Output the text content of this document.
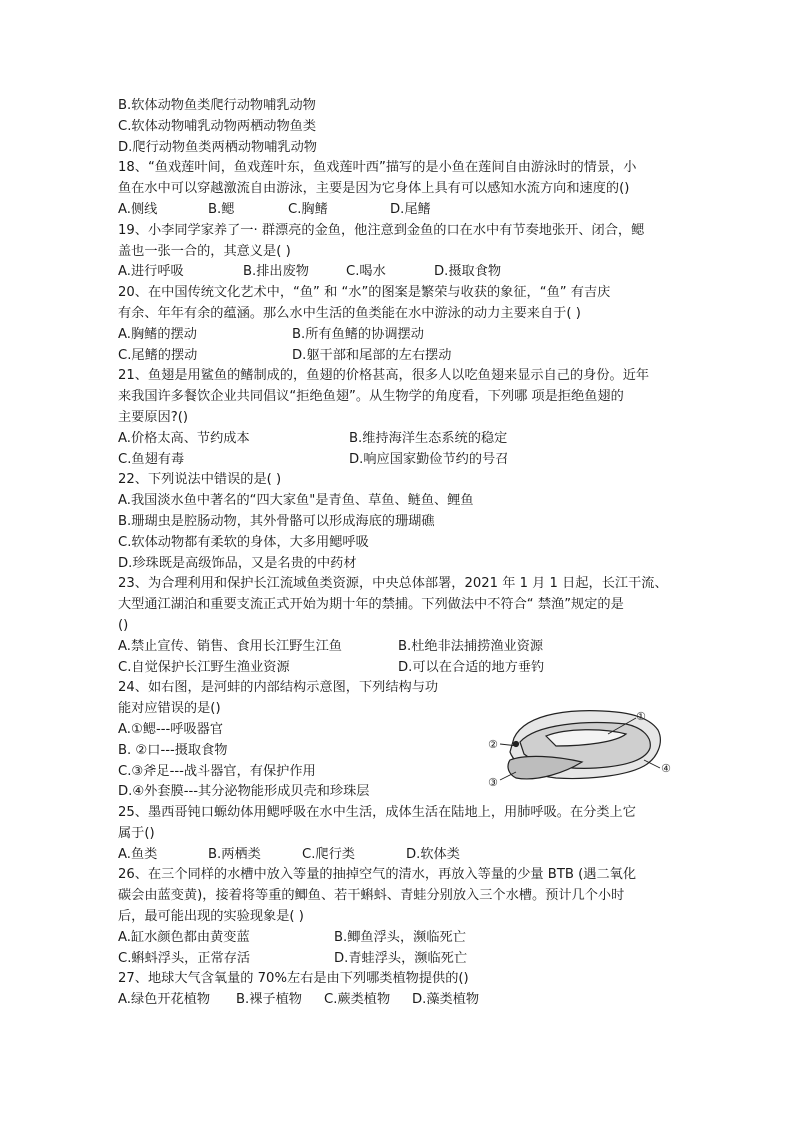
B.软体动物鱼类爬行动物哺乳动物
C.软体动物哺乳动物两栖动物鱼类
D.爬行动物鱼类两栖动物哺乳动物
18、“鱼戏莲叶间，鱼戏莲叶东，鱼戏莲叶西”描写的是小鱼在莲间自由游泳时的情景，小
鱼在水中可以穿越激流自由游泳，主要是因为它身体上具有可以感知水流方向和速度的()
A.侧线	B.鳃	C.胸鳍	D.尾鳍
19、小李同学家养了一· 群漂亮的金鱼，他注意到金鱼的口在水中有节奏地张开、闭合，鳃
盖也一张一合的，其意义是( )
A.进行呼吸	B.排出废物	C.喝水	D.摄取食物
20、在中国传统文化艺术中，“鱼” 和 “水”的图案是繁荣与收获的象征，“鱼” 有吉庆
有余、年年有余的蕴涵。那么水中生活的鱼类能在水中游泳的动力主要来自于( )
A.胸鳍的摆动	B.所有鱼鳍的协调摆动
C.尾鳍的摆动	D.躯干部和尾部的左右摆动
21、鱼翅是用鲨鱼的鳍制成的，鱼翅的价格甚高，很多人以吃鱼翅来显示自己的身份。近年
来我国许多餐饮企业共同倡议“拒绝鱼翅”。从生物学的角度看，下列哪 项是拒绝鱼翅的
主要原因?()
A.价格太高、节约成本	B.维持海洋生态系统的稳定
C.鱼翅有毒	D.响应国家勤俭节约的号召
22、下列说法中错误的是( )
A.我国淡水鱼中著名的“四大家鱼"是青鱼、草鱼、鲢鱼、鲤鱼
B.珊瑚虫是腔肠动物，其外骨骼可以形成海底的珊瑚礁
C.软体动物都有柔软的身体，大多用鳃呼吸
D.珍珠既是高级饰品，又是名贵的中药材
23、为合理利用和保护长江流域鱼类资源，中央总体部署，2021 年 1 月 1 日起，长江干流、
大型通江湖泊和重要支流正式开始为期十年的禁捕。下列做法中不符合“ 禁渔”规定的是
()
A.禁止宣传、销售、食用长江野生江鱼	B.杜绝非法捕捞渔业资源
C.自觉保护长江野生渔业资源	D.可以在合适的地方垂钓
24、如右图，是河蚌的内部结构示意图，下列结构与功
能对应错误的是()
A.①鳃---呼吸器官
B. ②口---摄取食物
C.③斧足---战斗器官，有保护作用
D.④外套膜---其分泌物能形成贝壳和珍珠层
25、墨西哥钝口螈幼体用鳃呼吸在水中生活，成体生活在陆地上，用肺呼吸。在分类上它
属于()
A.鱼类	B.两栖类	C.爬行类	D.软体类
26、在三个同样的水槽中放入等量的抽掉空气的清水，再放入等量的少量 BTB (遇二氧化
碳会由蓝变黄)，接着将等重的鲫鱼、若干蝌蚪、青蛙分别放入三个水槽。预计几个小时
后，最可能出现的实验现象是( )
A.缸水颜色都由黄变蓝	B.鲫鱼浮头，濒临死亡
C.蝌蚪浮头，正常存活	D.青蛙浮头，濒临死亡
27、地球大气含氧量的 70%左右是由下列哪类植物提供的()
A.绿色开花植物	B.裸子植物	C.蕨类植物	D.藻类植物
①
②
③
④
